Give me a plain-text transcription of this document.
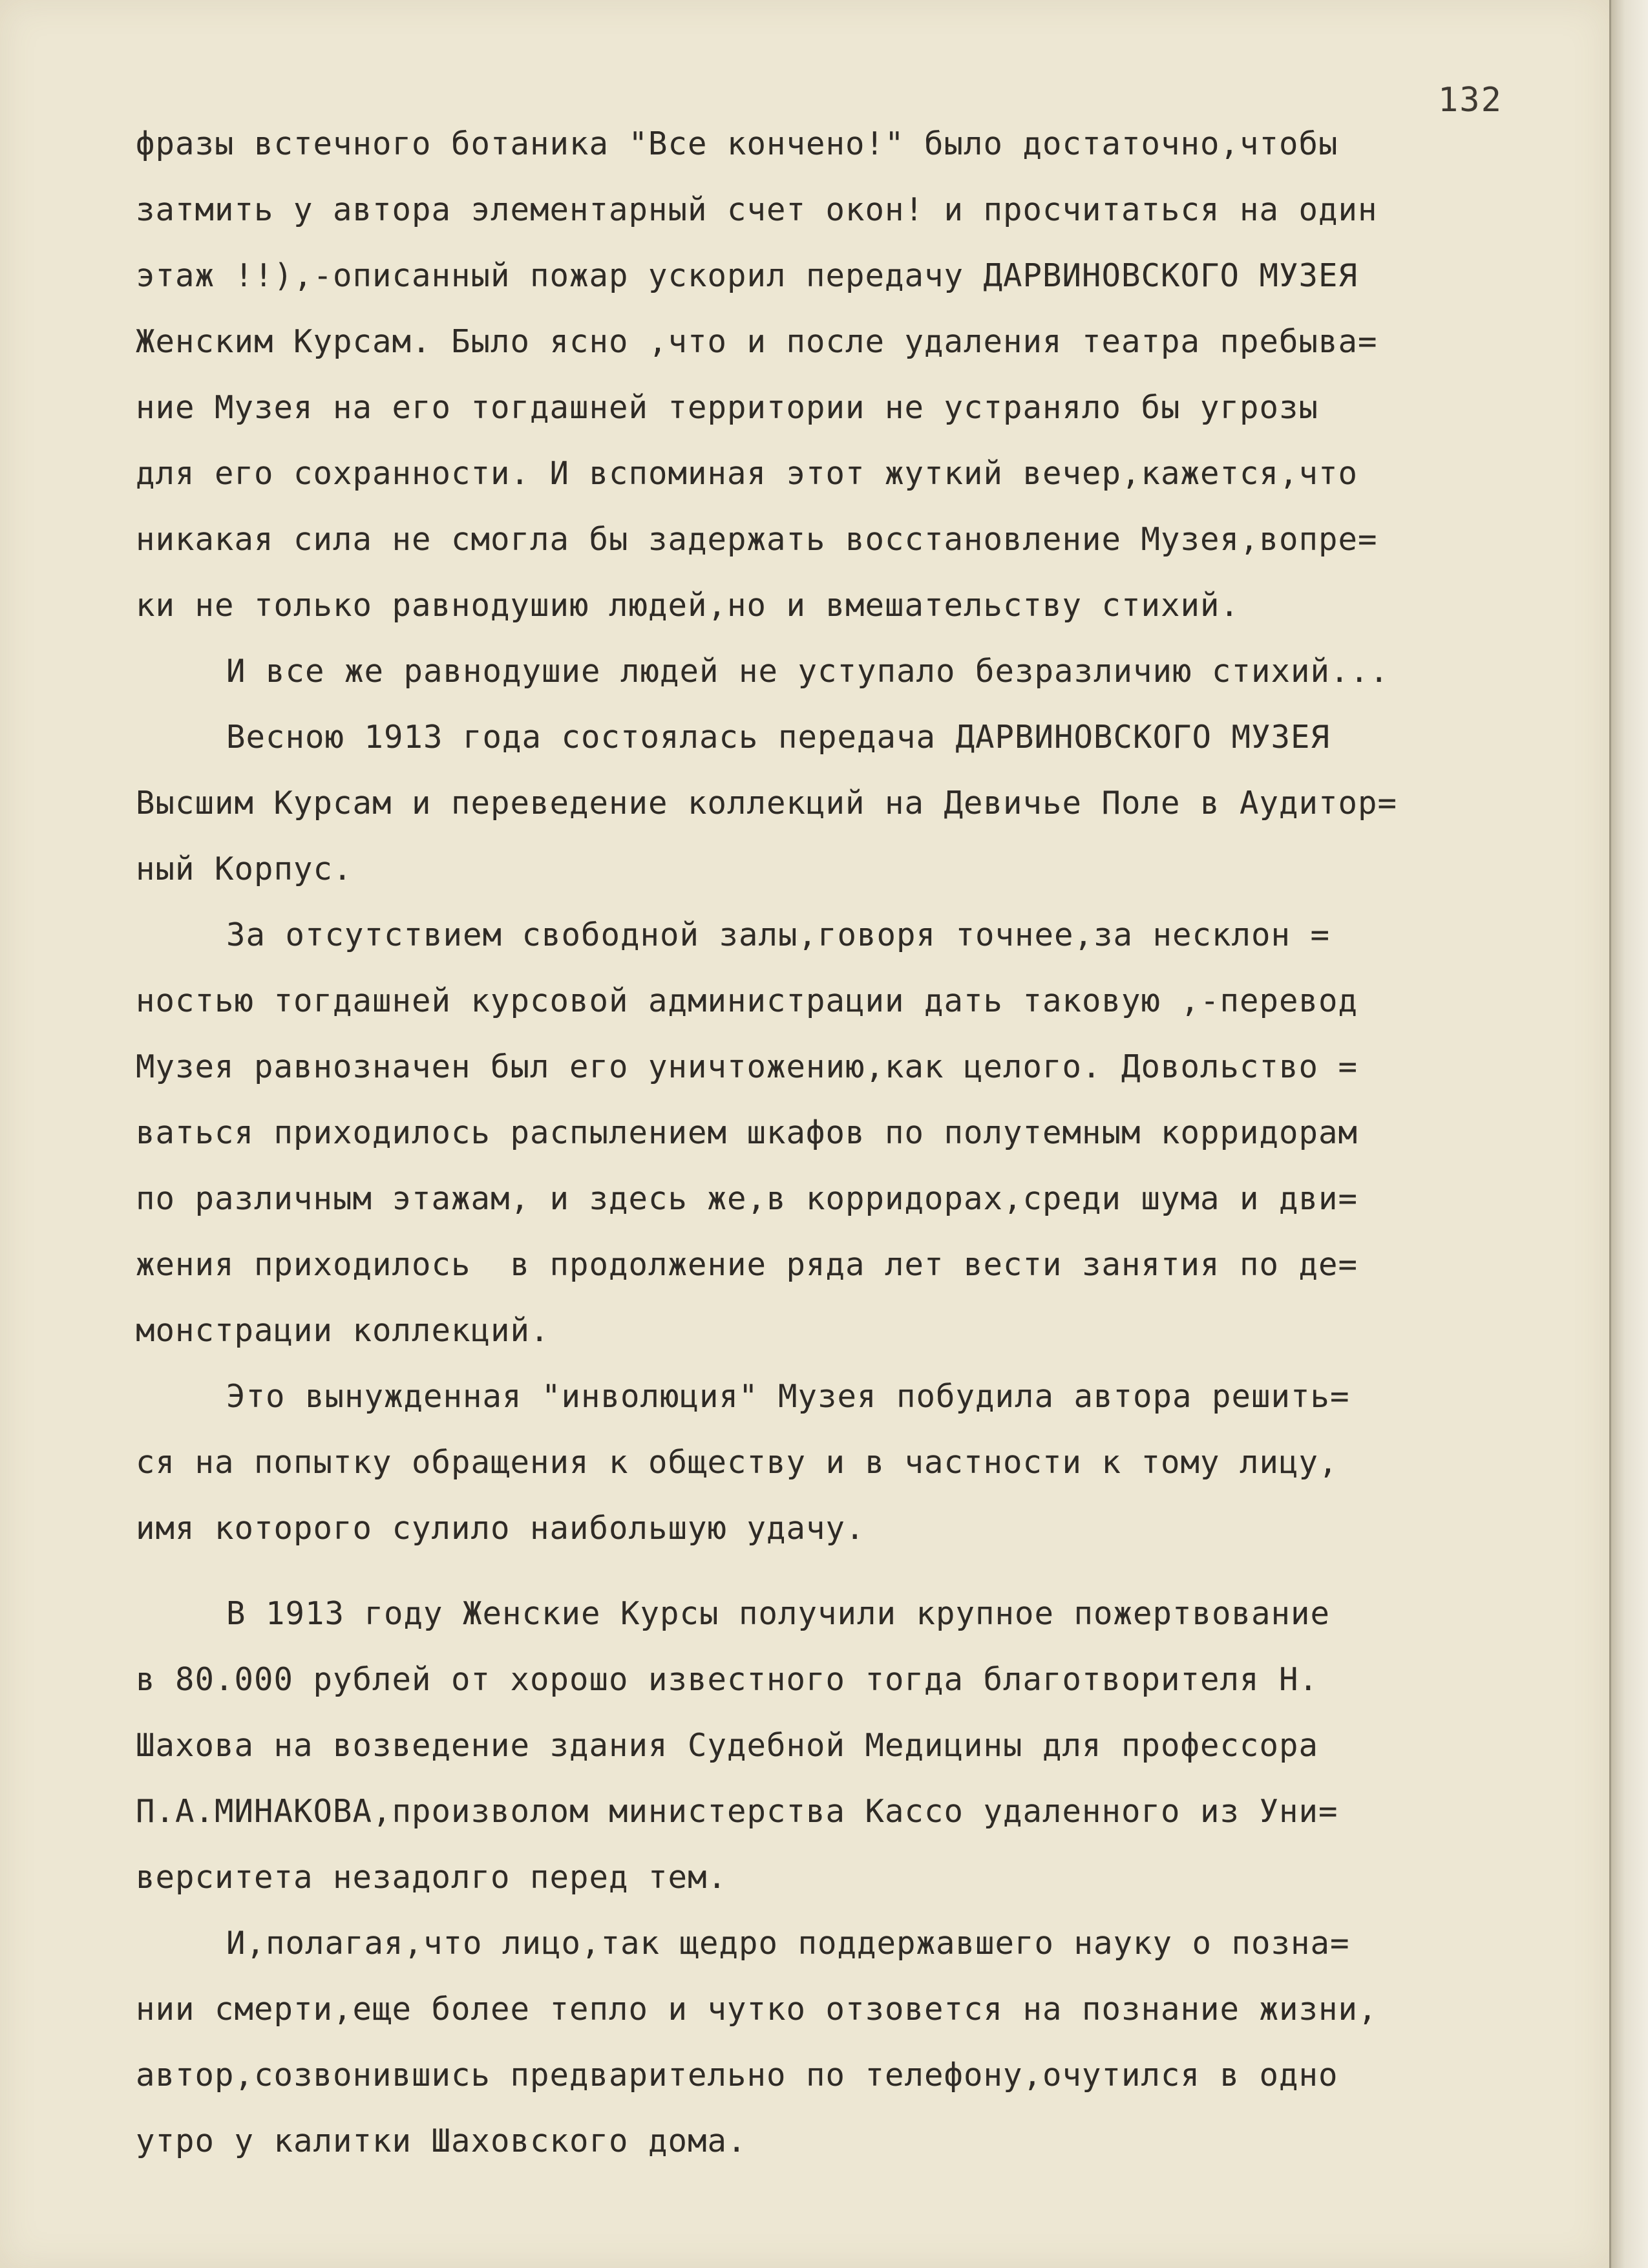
132
фразы встечного ботаника "Все кончено!" было достаточно,чтобы
затмить у автора элементарный счет окон! и просчитаться на один
этаж !!),-описанный пожар ускорил передачу ДАРВИНОВСКОГО МУЗЕЯ
Женским Курсам. Было ясно ,что и после удаления театра пребыва=
ние Музея на его тогдашней территории не устраняло бы угрозы
для его сохранности. И вспоминая этот жуткий вечер,кажется,что
никакая сила не смогла бы задержать восстановление Музея,вопре=
ки не только равнодушию людей,но и вмешательству стихий.
И все же равнодушие людей не уступало безразличию стихий...
Весною 1913 года состоялась передача ДАРВИНОВСКОГО МУЗЕЯ
Высшим Курсам и переведение коллекций на Девичье Поле в Аудитор=
ный Корпус.
За отсутствием свободной залы,говоря точнее,за несклон =
ностью тогдашней курсовой администрации дать таковую ,-перевод
Музея равнозначен был его уничтожению,как целого. Довольство =
ваться приходилось распылением шкафов по полутемным корридорам
по различным этажам, и здесь же,в корридорах,среди шума и дви=
жения приходилось  в продолжение ряда лет вести занятия по де=
монстрации коллекций.
Это вынужденная "инволюция" Музея побудила автора решить=
ся на попытку обращения к обществу и в частности к тому лицу,
имя которого сулило наибольшую удачу.
В 1913 году Женские Курсы получили крупное пожертвование
в 80.000 рублей от хорошо известного тогда благотворителя Н.
Шахова на возведение здания Судебной Медицины для профессора
П.А.МИНАКОВА,произволом министерства Кассо удаленного из Уни=
верситета незадолго перед тем.
И,полагая,что лицо,так щедро поддержавшего науку о позна=
нии смерти,еще более тепло и чутко отзовется на познание жизни,
автор,созвонившись предварительно по телефону,очутился в одно
утро у калитки Шаховского дома.
